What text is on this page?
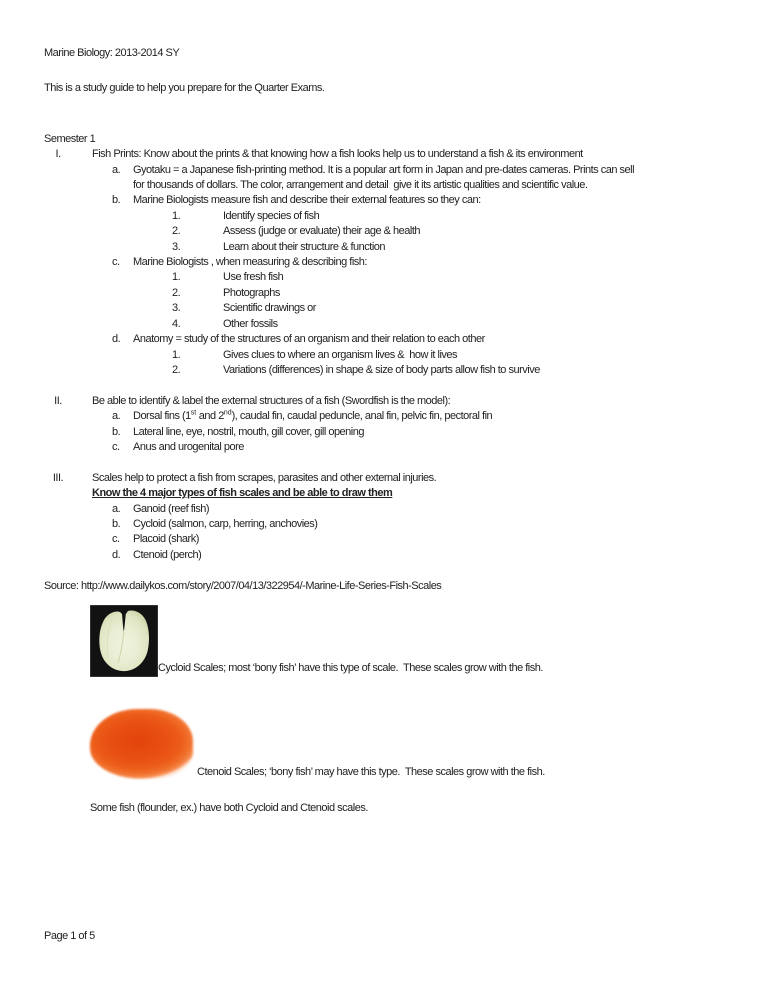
Marine Biology: 2013-2014 SY
This is a study guide to help you prepare for the Quarter Exams.
Semester 1
I.	Fish Prints: Know about the prints & that knowing how a fish looks help us to understand a fish & its environment
a. Gyotaku = a Japanese fish-printing method. It is a popular art form in Japan and pre-dates cameras. Prints can sell
for thousands of dollars. The color, arrangement and detail  give it its artistic qualities and scientific value.
b. Marine Biologists measure fish and describe their external features so they can:
1.	Identify species of fish
2.	Assess (judge or evaluate) their age & health
3.	Learn about their structure & function
c. Marine Biologists , when measuring & describing fish:
1.	Use fresh fish
2.	Photographs
3.	Scientific drawings or
4.	Other fossils
d. Anatomy = study of the structures of an organism and their relation to each other
1.	Gives clues to where an organism lives &  how it lives
2.	Variations (differences) in shape & size of body parts allow fish to survive
II.	Be able to identify & label the external structures of a fish (Swordfish is the model):
a. Dorsal fins (1st and 2nd), caudal fin, caudal peduncle, anal fin, pelvic fin, pectoral fin
b. Lateral line, eye, nostril, mouth, gill cover, gill opening
c. Anus and urogenital pore
III.	Scales help to protect a fish from scrapes, parasites and other external injuries.
Know the 4 major types of fish scales and be able to draw them
a. Ganoid (reef fish)
b. Cycloid (salmon, carp, herring, anchovies)
c. Placoid (shark)
d. Ctenoid (perch)
Source: http://www.dailykos.com/story/2007/04/13/322954/-Marine-Life-Series-Fish-Scales
Cycloid Scales; most ‘bony fish’ have this type of scale.  These scales grow with the fish.
Ctenoid Scales; ‘bony fish’ may have this type.  These scales grow with the fish.
Some fish (flounder, ex.) have both Cycloid and Ctenoid scales.
Page 1 of 5
